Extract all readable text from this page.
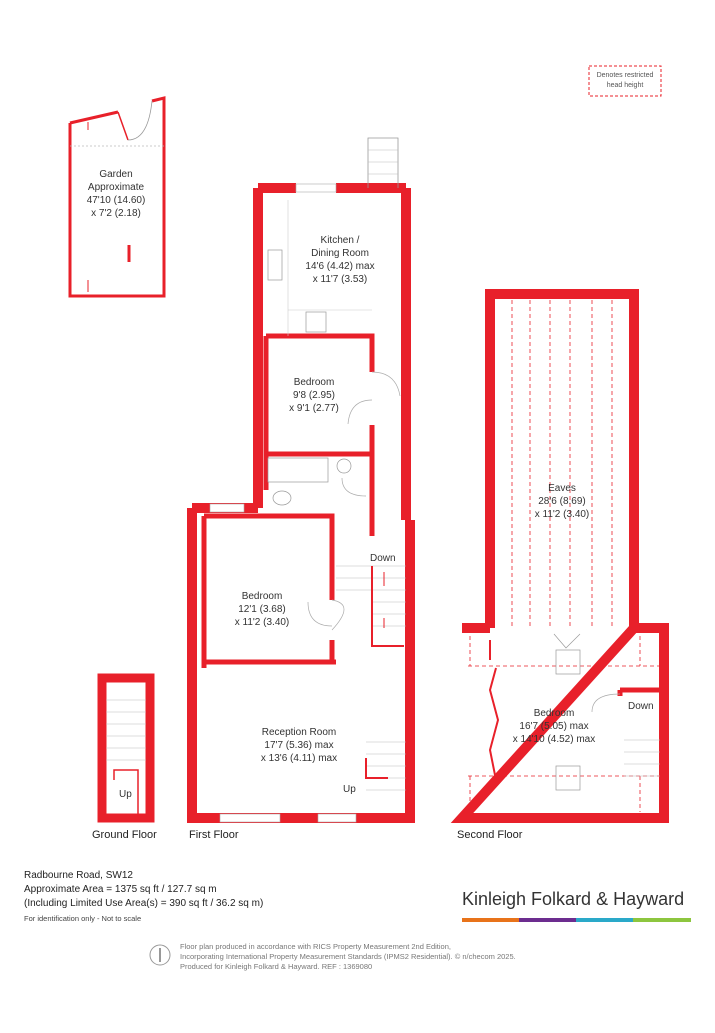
Denotes restricted
head height
Garden
Approximate
47'10 (14.60)
x 7'2 (2.18)
Down
Up
Kitchen /
Dining Room
14'6 (4.42) max
x 11'7 (3.53)
Bedroom
9'8 (2.95)
x 9'1 (2.77)
Bedroom
12'1 (3.68)
x 11'2 (3.40)
Reception Room
17'7 (5.36) max
x 13'6 (4.11) max
Up
Down
Eaves
28'6 (8.69)
x 11'2 (3.40)
Bedroom
16'7 (5.05) max
x 14'10 (4.52) max
Ground Floor	First Floor	Second Floor
Radbourne Road, SW12
Approximate Area = 1375 sq ft / 127.7 sq m
(Including Limited Use Area(s) = 390 sq ft / 36.2 sq m)
For identification only - Not to scale
Kinleigh Folkard & Hayward
Floor plan produced in accordance with RICS Property Measurement 2nd Edition,
Incorporating International Property Measurement Standards (IPMS2 Residential). © n/checom 2025.
Produced for Kinleigh Folkard & Hayward. REF : 1369080
